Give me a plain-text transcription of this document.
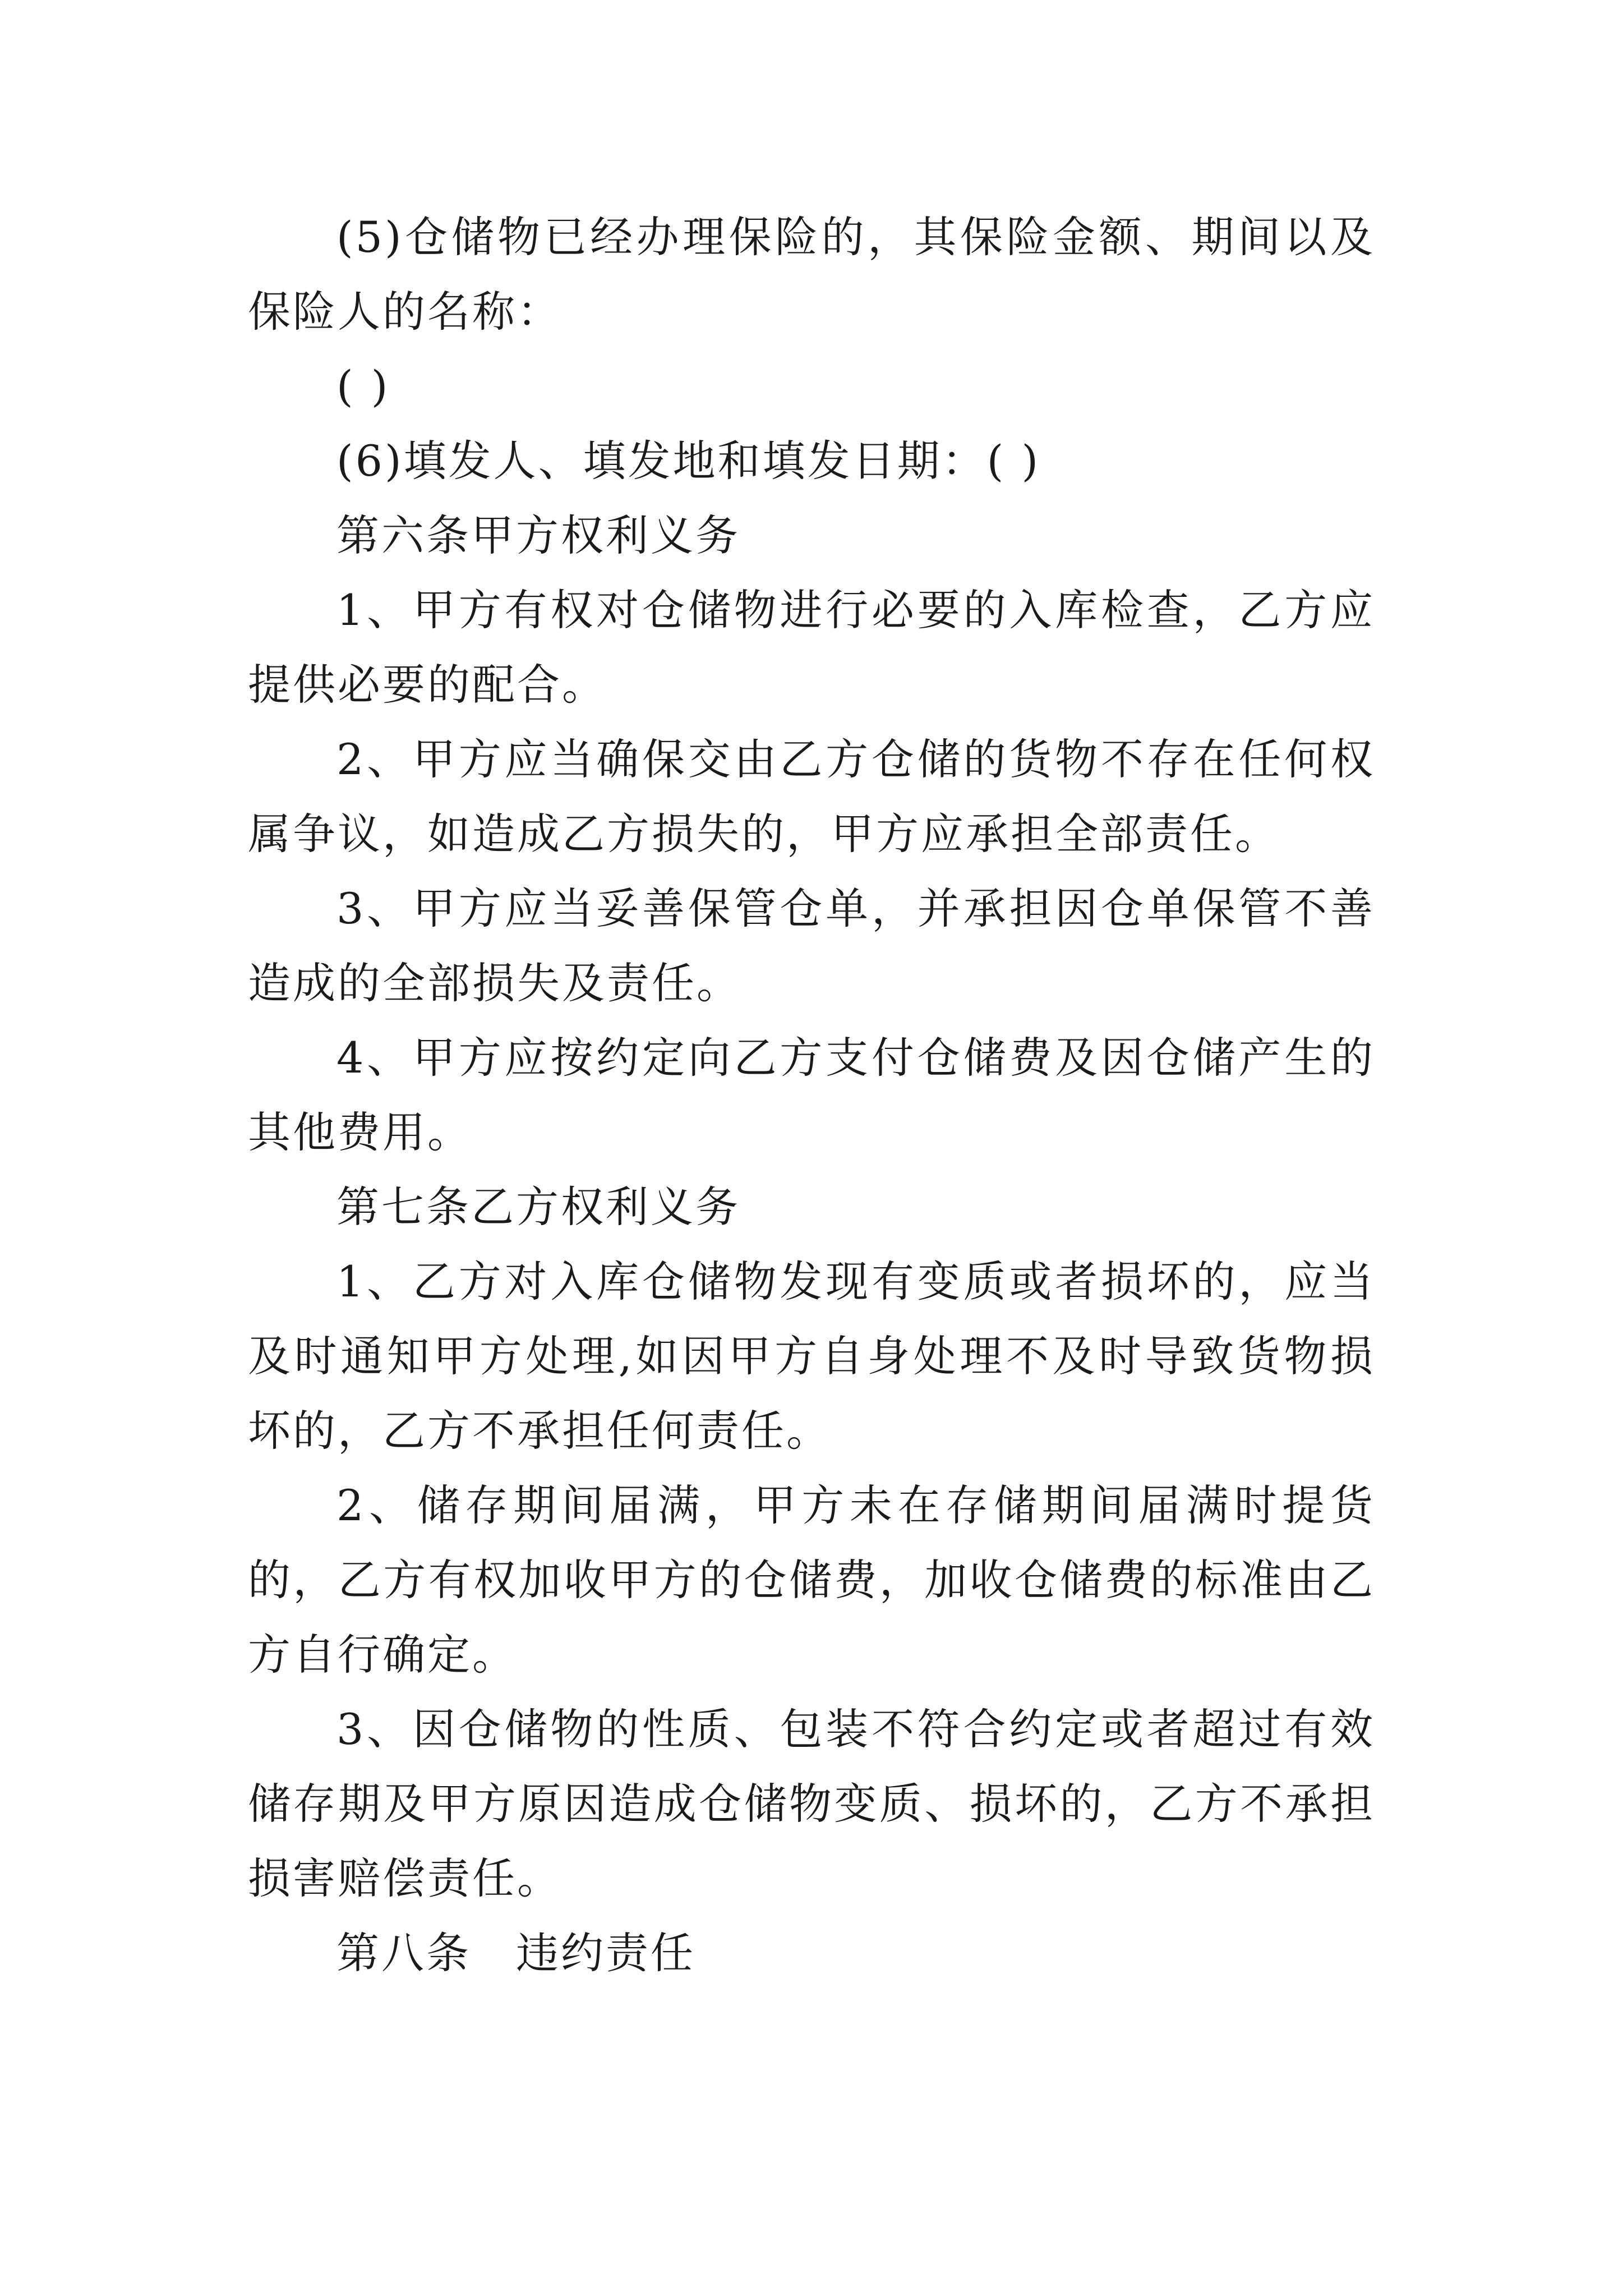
(5)仓储物已经办理保险的，其保险金额、期间以及保险人的名称：

( )

(6)填发人、填发地和填发日期：( )

第六条甲方权利义务

1、甲方有权对仓储物进行必要的入库检查，乙方应提供必要的配合。

2、甲方应当确保交由乙方仓储的货物不存在任何权属争议，如造成乙方损失的，甲方应承担全部责任。

3、甲方应当妥善保管仓单，并承担因仓单保管不善造成的全部损失及责任。

4、甲方应按约定向乙方支付仓储费及因仓储产生的其他费用。

第七条乙方权利义务

1、乙方对入库仓储物发现有变质或者损坏的，应当及时通知甲方处理,如因甲方自身处理不及时导致货物损坏的，乙方不承担任何责任。

2、储存期间届满，甲方未在存储期间届满时提货的，乙方有权加收甲方的仓储费，加收仓储费的标准由乙方自行确定。

3、因仓储物的性质、包装不符合约定或者超过有效储存期及甲方原因造成仓储物变质、损坏的，乙方不承担损害赔偿责任。

第八条　违约责任
